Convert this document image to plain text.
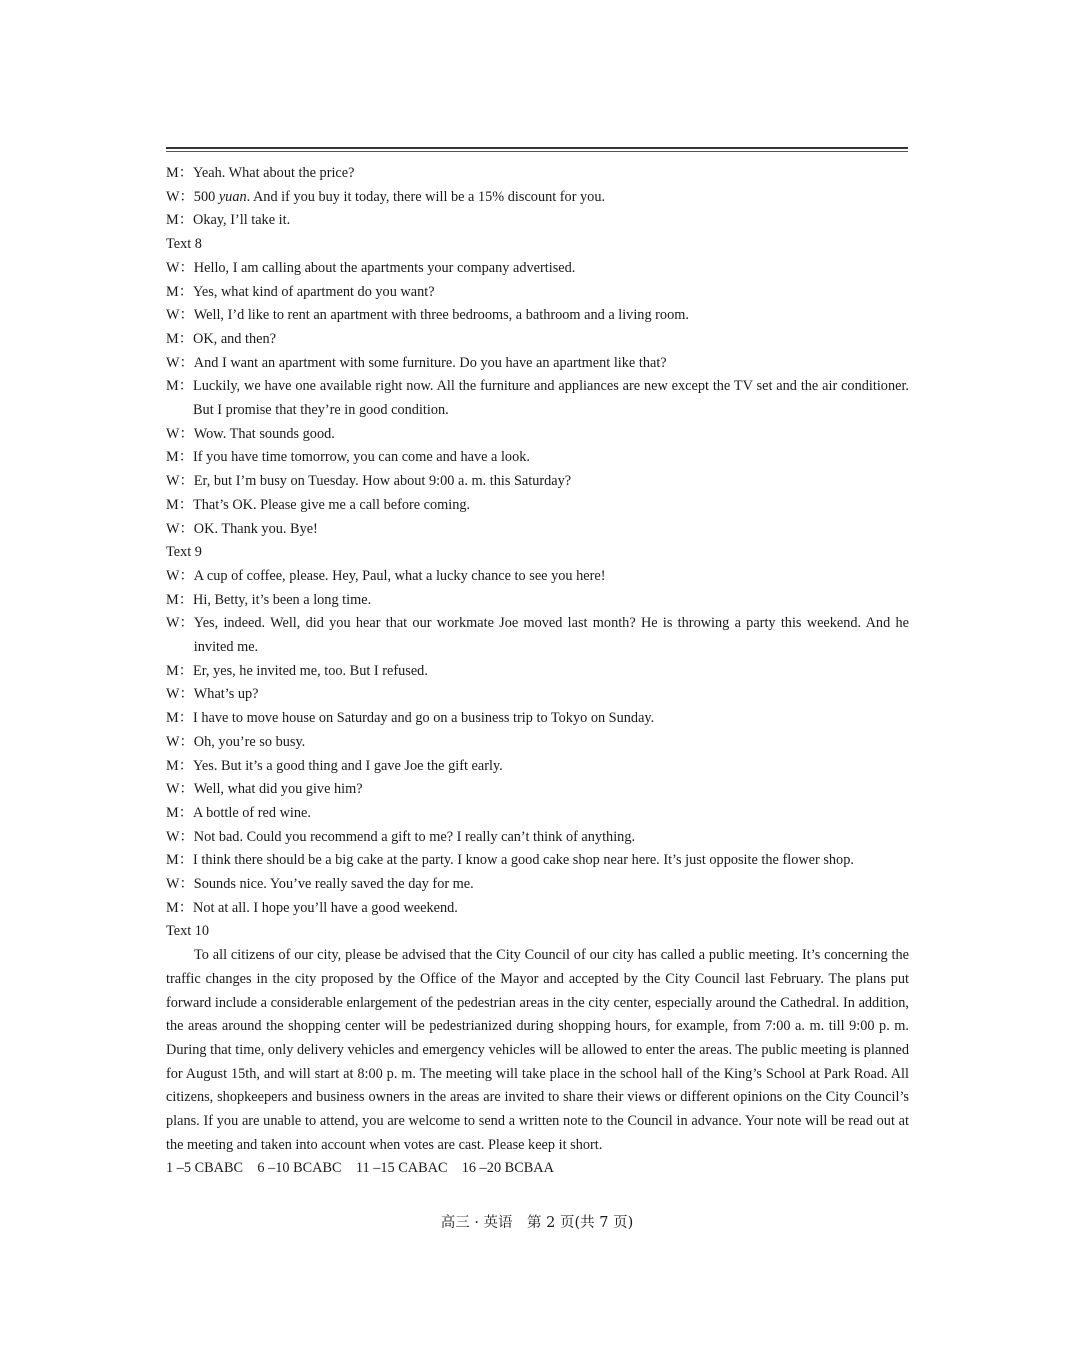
M： Yeah. What about the price?
W： 500 yuan. And if you buy it today, there will be a 15% discount for you.
M： Okay, I’ll take it.
Text 8
W： Hello, I am calling about the apartments your company advertised.
M： Yes, what kind of apartment do you want?
W： Well, I’d like to rent an apartment with three bedrooms, a bathroom and a living room.
M： OK, and then?
W： And I want an apartment with some furniture. Do you have an apartment like that?
M： Luckily, we have one available right now. All the furniture and appliances are new except the TV set and the air conditioner. But I promise that they’re in good condition.
W： Wow. That sounds good.
M： If you have time tomorrow, you can come and have a look.
W： Er, but I’m busy on Tuesday. How about 9:00 a. m. this Saturday?
M： That’s OK. Please give me a call before coming.
W： OK. Thank you. Bye!
Text 9
W： A cup of coffee, please. Hey, Paul, what a lucky chance to see you here!
M： Hi, Betty, it’s been a long time.
W： Yes, indeed. Well, did you hear that our workmate Joe moved last month? He is throwing a party this weekend. And he invited me.
M： Er, yes, he invited me, too. But I refused.
W： What’s up?
M： I have to move house on Saturday and go on a business trip to Tokyo on Sunday.
W： Oh, you’re so busy.
M： Yes. But it’s a good thing and I gave Joe the gift early.
W： Well, what did you give him?
M： A bottle of red wine.
W： Not bad. Could you recommend a gift to me? I really can’t think of anything.
M： I think there should be a big cake at the party. I know a good cake shop near here. It’s just opposite the flower shop.
W： Sounds nice. You’ve really saved the day for me.
M： Not at all. I hope you’ll have a good weekend.
Text 10
To all citizens of our city, please be advised that the City Council of our city has called a public meeting. It’s concerning the traffic changes in the city proposed by the Office of the Mayor and accepted by the City Council last February. The plans put forward include a considerable enlargement of the pedestrian areas in the city center, especially around the Cathedral. In addition, the areas around the shopping center will be pedestrianized during shopping hours, for example, from 7:00 a. m. till 9:00 p. m. During that time, only delivery vehicles and emergency vehicles will be allowed to enter the areas. The public meeting is planned for August 15th, and will start at 8:00 p. m. The meeting will take place in the school hall of the King’s School at Park Road. All citizens, shopkeepers and business owners in the areas are invited to share their views or different opinions on the City Council’s plans. If you are unable to attend, you are welcome to send a written note to the Council in advance. Your note will be read out at the meeting and taken into account when votes are cast. Please keep it short.
1 –5 CBABC    6 –10 BCABC    11 –15 CABAC    16 –20 BCBAA
高三 · 英语　第 2 页(共 7 页)
